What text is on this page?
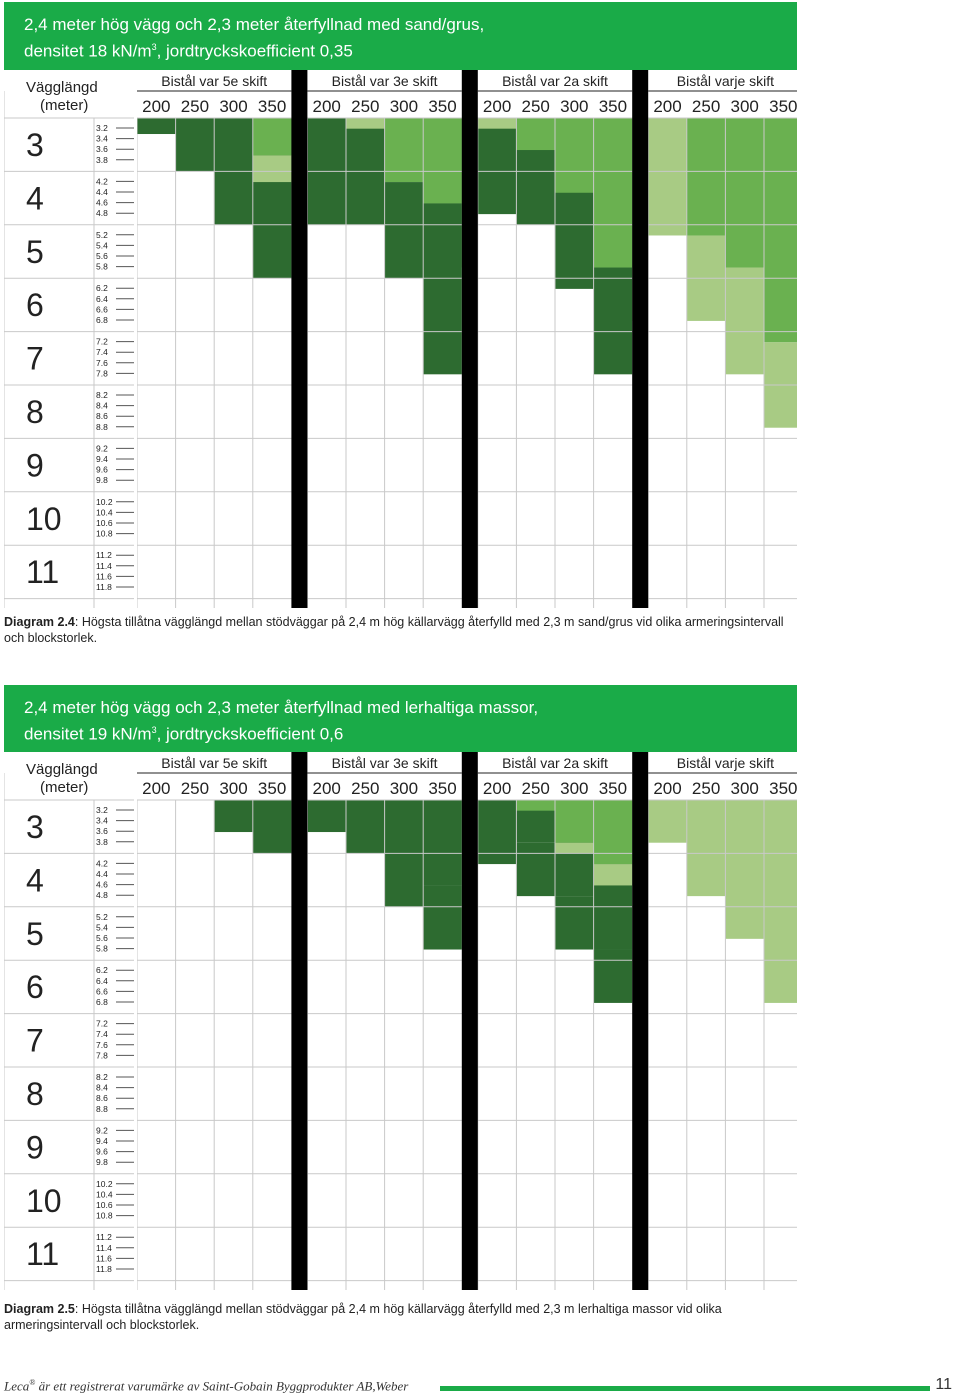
2,4 meter hög vägg och 2,3 meter återfyllnad med sand/grus,
densitet 18 $kN/m^3$, jordtryckskoefficient 0,35
Vägglängd
(meter)
Bistål var 5e skift
200 250 300 350
Bistål var 3e skift
200 250 300 350
Bistål var 2a skift
200 250 300 350
Bistål varje skift
200 250 300 350
3	3.2
3.4
3.6
3.8
4	4.2
4.4
4.6
4.8
5	5.2
5.4
5.6
5.8
6	6.2
6.4
6.6
6.8
7	7.2
7.4
7.6
7.8
8	8.2
8.4
8.6
8.8
9	9.2
9.4
9.6
9.8
10	10.2
10.4
10.6
10.8
11	11.2
11.4
11.6
11.8
Diagram 2.4: Högsta tillåtna vägglängd mellan stödväggar på 2,4 m hög källarvägg återfylld med 2,3 m sand/grus vid olika armeringsintervall och blockstorlek.
2,4 meter hög vägg och 2,3 meter återfyllnad med lerhaltiga massor,
densitet 19 $kN/m^3$, jordtryckskoefficient 0,6
Vägglängd
(meter)
Bistål var 5e skift
200 250 300 350
Bistål var 3e skift
200 250 300 350
Bistål var 2a skift
200 250 300 350
Bistål varje skift
200 250 300 350
3	3.2
3.4
3.6
3.8
4	4.2
4.4
4.6
4.8
5	5.2
5.4
5.6
5.8
6	6.2
6.4
6.6
6.8
7	7.2
7.4
7.6
7.8
8	8.2
8.4
8.6
8.8
9	9.2
9.4
9.6
9.8
10	10.2
10.4
10.6
10.8
11	11.2
11.4
11.6
11.8
Diagram 2.5: Högsta tillåtna vägglängd mellan stödväggar på 2,4 m hög källarvägg återfylld med 2,3 m lerhaltiga massor vid olika armeringsintervall och blockstorlek.
Leca® är ett registrerat varumärke av Saint-Gobain Byggprodukter AB,Weber	11
